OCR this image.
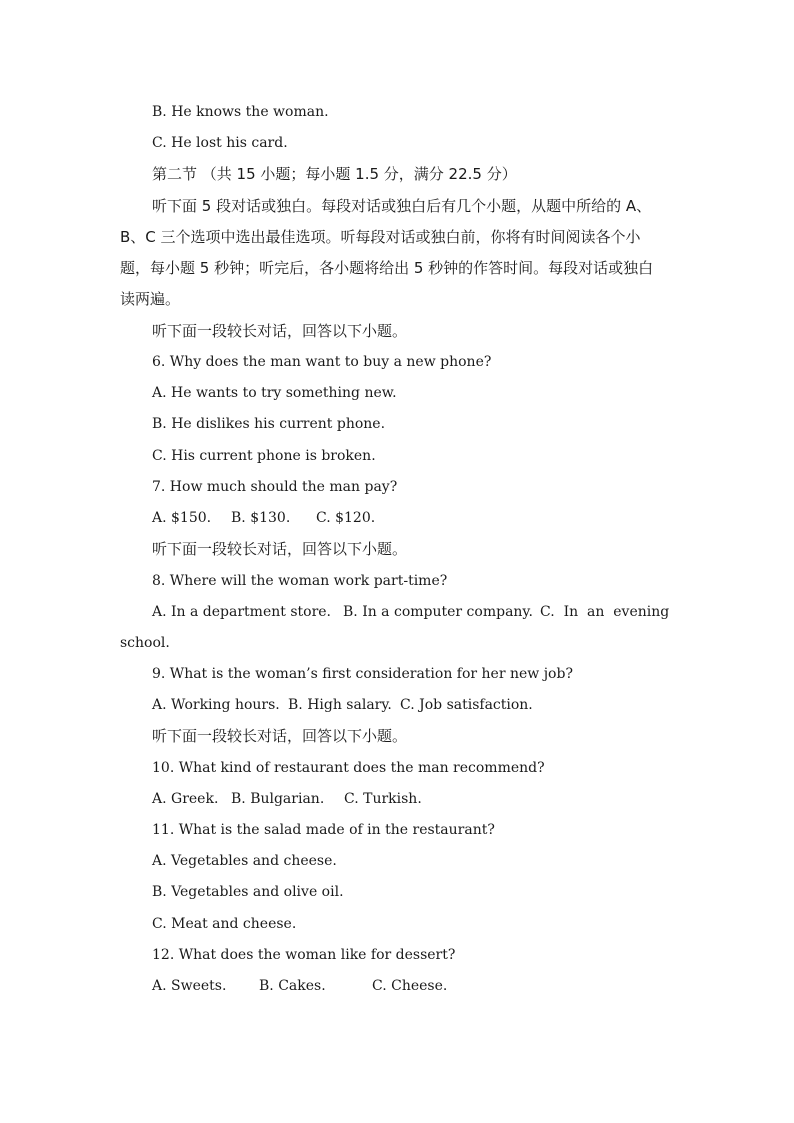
B. He knows the woman.
C. He lost his card.
第二节 （共 15 小题；每小题 1.5 分，满分 22.5 分）
听下面 5 段对话或独白。每段对话或独白后有几个小题，从题中所给的 A、
B、C 三个选项中选出最佳选项。听每段对话或独白前，你将有时间阅读各个小
题，每小题 5 秒钟；听完后，各小题将给出 5 秒钟的作答时间。每段对话或独白
读两遍。
听下面一段较长对话，回答以下小题。
6. Why does the man want to buy a new phone?
A. He wants to try something new.
B. He dislikes his current phone.
C. His current phone is broken.
7. How much should the man pay?

A. $150.

B. $130.

C. $120.

听下面一段较长对话，回答以下小题。
8. Where will the woman work part-time?

A. In a department store.

B. In a computer company.

C.  In  an  evening

school.
9. What is the woman’s first consideration for her new job?

A. Working hours.

B. High salary.

C. Job satisfaction.

听下面一段较长对话，回答以下小题。
10. What kind of restaurant does the man recommend?

A. Greek.

B. Bulgarian.

C. Turkish.

11. What is the salad made of in the restaurant?
A. Vegetables and cheese.
B. Vegetables and olive oil.
C. Meat and cheese.
12. What does the woman like for dessert?

A. Sweets.

B. Cakes.

	C. Cheese.
